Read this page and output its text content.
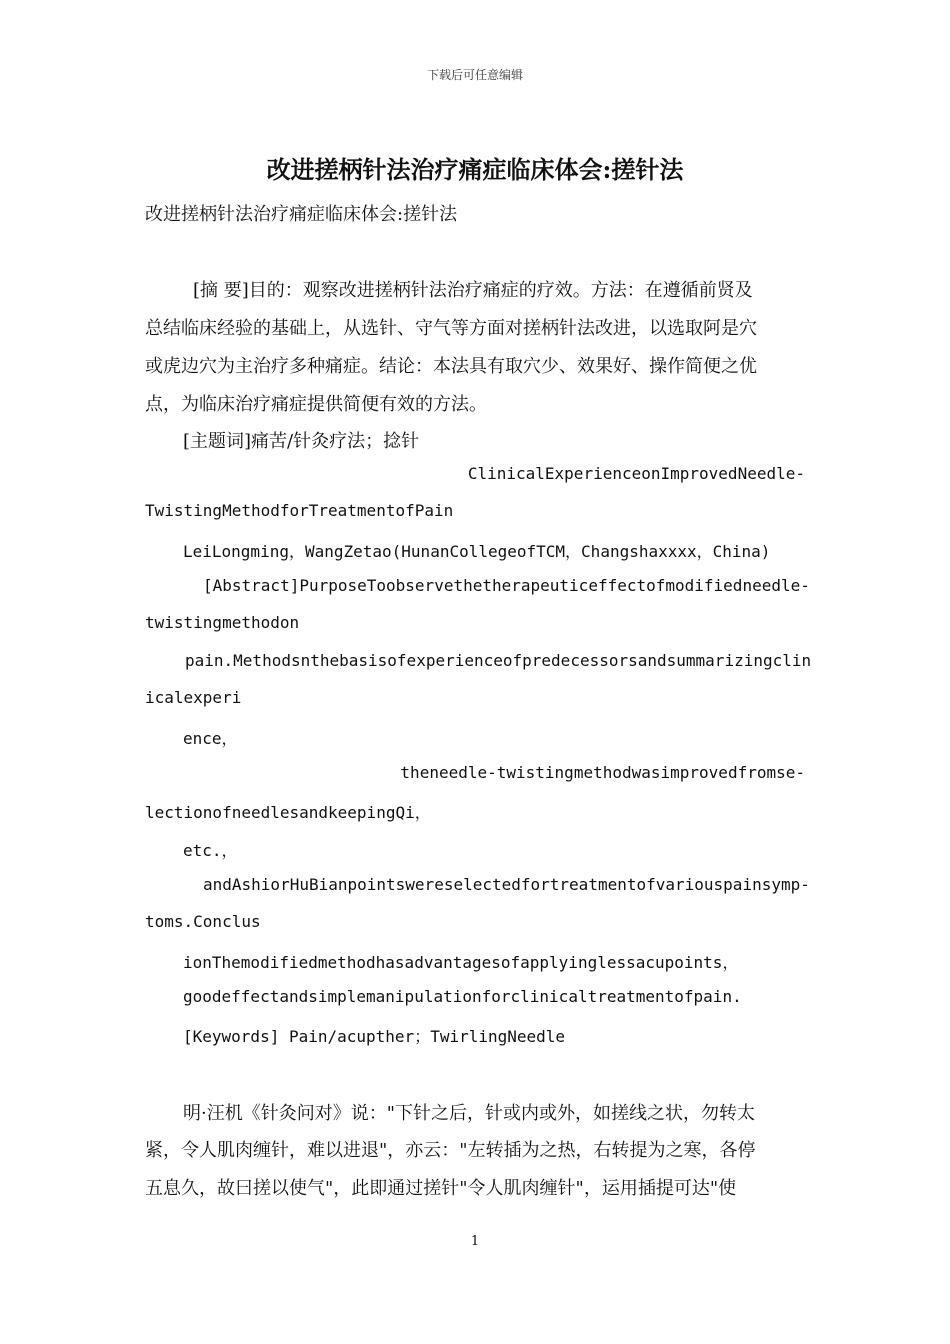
下载后可任意编辑
改进搓柄针法治疗痛症临床体会:搓针法
改进搓柄针法治疗痛症临床体会:搓针法
[摘 要]目的：观察改进搓柄针法治疗痛症的疗效。方法：在遵循前贤及
总结临床经验的基础上，从选针、守气等方面对搓柄针法改进，以选取阿是穴
或虎边穴为主治疗多种痛症。结论：本法具有取穴少、效果好、操作简便之优
点，为临床治疗痛症提供简便有效的方法。
[主题词]痛苦/针灸疗法；捻针
ClinicalExperienceonImprovedNeedle-
TwistingMethodforTreatmentofPain
LeiLongming，WangZetao(HunanCollegeofTCM，Changshaxxxx，China)
[Abstract]PurposeToobservethetherapeuticeffectofmodifiedneedle-
twistingmethodon
pain.Methodsnthebasisofexperienceofpredecessorsandsummarizingclin
icalexperi
ence，
theneedle-twistingmethodwasimprovedfromse-
lectionofneedlesandkeepingQi，
etc.，
andAshiorHuBianpointswereselectedfortreatmentofvariouspainsymp-
toms.Conclus
ionThemodifiedmethodhasadvantagesofapplyinglessacupoints，
goodeffectandsimplemanipulationforclinicaltreatmentofpain.
[Keywords] Pain/acupther；TwirlingNeedle
明·汪机《针灸问对》说："下针之后，针或内或外，如搓线之状，勿转太
紧，令人肌肉缠针，难以进退"，亦云："左转插为之热，右转提为之寒，各停
五息久，故曰搓以使气"，此即通过搓针"令人肌肉缠针"，运用插提可达"使
1
